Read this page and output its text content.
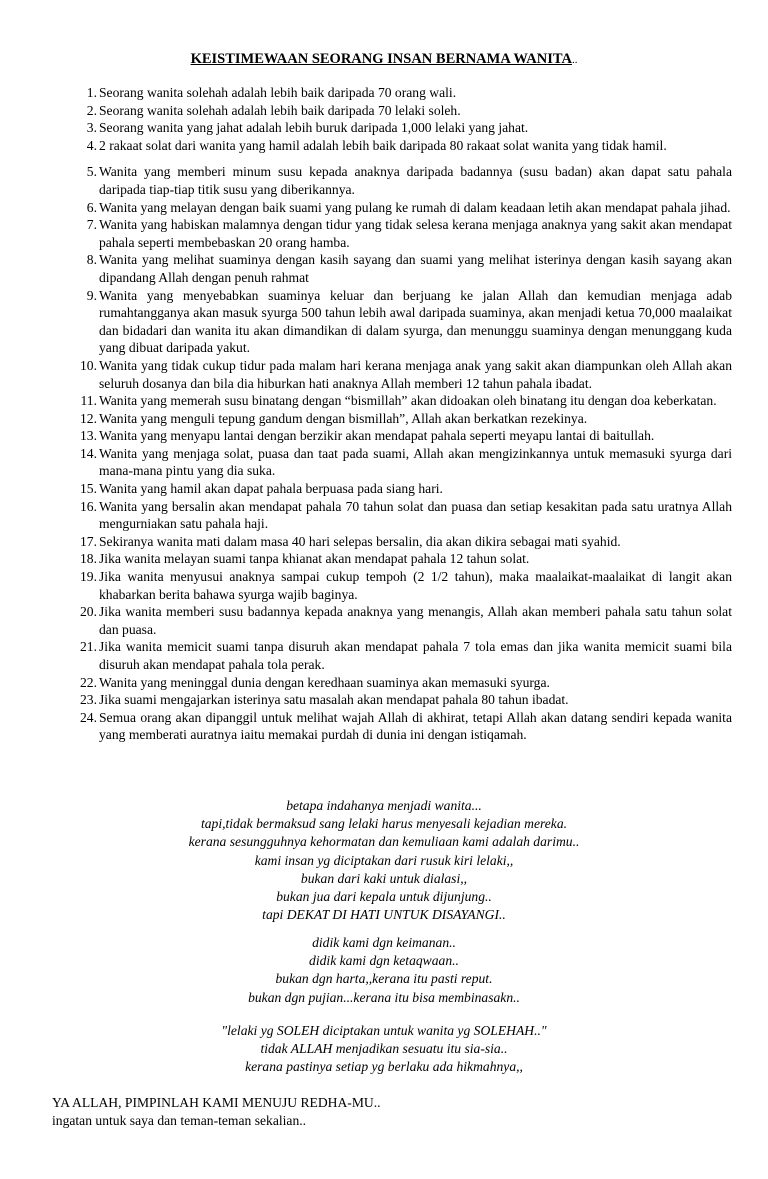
KEISTIMEWAAN SEORANG INSAN BERNAMA WANITA..
1. Seorang wanita solehah adalah lebih baik daripada 70 orang wali.
2. Seorang wanita solehah adalah lebih baik daripada 70 lelaki soleh.
3. Seorang wanita yang jahat adalah lebih buruk daripada 1,000 lelaki yang jahat.
4. 2 rakaat solat dari wanita yang hamil adalah lebih baik daripada 80 rakaat solat wanita yang tidak hamil.
5. Wanita yang memberi minum susu kepada anaknya daripada badannya (susu badan) akan dapat satu pahala daripada tiap-tiap titik susu yang diberikannya.
6. Wanita yang melayan dengan baik suami yang pulang ke rumah di dalam keadaan letih akan mendapat pahala jihad.
7. Wanita yang habiskan malamnya dengan tidur yang tidak selesa kerana menjaga anaknya yang sakit akan mendapat pahala seperti membebaskan 20 orang hamba.
8. Wanita yang melihat suaminya dengan kasih sayang dan suami yang melihat isterinya dengan kasih sayang akan dipandang Allah dengan penuh rahmat
9. Wanita yang menyebabkan suaminya keluar dan berjuang ke jalan Allah dan kemudian menjaga adab rumahtangganya akan masuk syurga 500 tahun lebih awal daripada suaminya, akan menjadi ketua 70,000 maalaikat dan bidadari dan wanita itu akan dimandikan di dalam syurga, dan menunggu suaminya dengan menunggang kuda yang dibuat daripada yakut.
10. Wanita yang tidak cukup tidur pada malam hari kerana menjaga anak yang sakit akan diampunkan oleh Allah akan seluruh dosanya dan bila dia hiburkan hati anaknya Allah memberi 12 tahun pahala ibadat.
11. Wanita yang memerah susu binatang dengan “bismillah” akan didoakan oleh binatang itu dengan doa keberkatan.
12. Wanita yang menguli tepung gandum dengan bismillah”, Allah akan berkatkan rezekinya.
13. Wanita yang menyapu lantai dengan berzikir akan mendapat pahala seperti meyapu lantai di baitullah.
14. Wanita yang menjaga solat, puasa dan taat pada suami, Allah akan mengizinkannya untuk memasuki syurga dari mana-mana pintu yang dia suka.
15. Wanita yang hamil akan dapat pahala berpuasa pada siang hari.
16. Wanita yang bersalin akan mendapat pahala 70 tahun solat dan puasa dan setiap kesakitan pada satu uratnya Allah mengurniakan satu pahala haji.
17. Sekiranya wanita mati dalam masa 40 hari selepas bersalin, dia akan dikira sebagai mati syahid.
18. Jika wanita melayan suami tanpa khianat akan mendapat pahala 12 tahun solat.
19. Jika wanita menyusui anaknya sampai cukup tempoh (2 1/2 tahun), maka maalaikat-maalaikat di langit akan khabarkan berita bahawa syurga wajib baginya.
20. Jika wanita memberi susu badannya kepada anaknya yang menangis, Allah akan memberi pahala satu tahun solat dan puasa.
21. Jika wanita memicit suami tanpa disuruh akan mendapat pahala 7 tola emas dan jika wanita memicit suami bila disuruh akan mendapat pahala tola perak.
22. Wanita yang meninggal dunia dengan keredhaan suaminya akan memasuki syurga.
23. Jika suami mengajarkan isterinya satu masalah akan mendapat pahala 80 tahun ibadat.
24. Semua orang akan dipanggil untuk melihat wajah Allah di akhirat, tetapi Allah akan datang sendiri kepada wanita yang memberati auratnya iaitu memakai purdah di dunia ini dengan istiqamah.
betapa indahanya menjadi wanita...
tapi,tidak bermaksud sang lelaki harus menyesali kejadian mereka.
kerana sesungguhnya kehormatan dan kemuliaan kami adalah darimu..
kami insan yg diciptakan dari rusuk kiri lelaki,,
bukan dari kaki untuk dialasi,,
bukan jua dari kepala untuk dijunjung..
tapi DEKAT DI HATI UNTUK DISAYANGI..
didik kami dgn keimanan..
didik kami dgn ketaqwaan..
bukan dgn harta,,kerana itu pasti reput.
bukan dgn pujian...kerana itu bisa membinasakn..
"lelaki yg SOLEH diciptakan untuk wanita yg SOLEHAH.."
tidak ALLAH menjadikan sesuatu itu sia-sia..
kerana pastinya setiap yg berlaku ada hikmahnya,,
YA ALLAH, PIMPINLAH KAMI MENUJU REDHA-MU..
ingatan untuk saya dan teman-teman sekalian..
